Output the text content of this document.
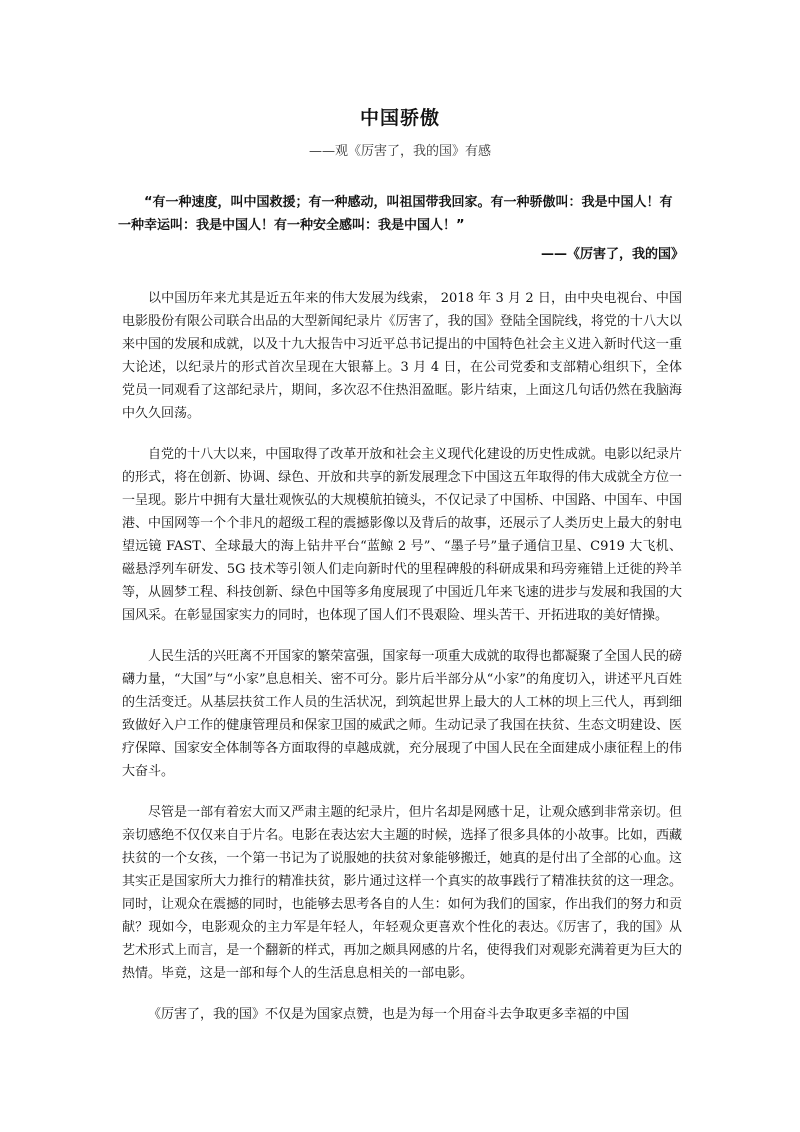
中国骄傲
——观《厉害了，我的国》有感

“有一种速度，叫中国救援；有一种感动，叫祖国带我回家。有一种骄傲叫：我是中国人！有一种幸运叫：我是中国人！有一种安全感叫：我是中国人！”

——《厉害了，我的国》

以中国历年来尤其是近五年来的伟大发展为线索， 2018 年 3 月 2 日，由中央电视台、中国电影股份有限公司联合出品的大型新闻纪录片《厉害了，我的国》登陆全国院线，将党的十八大以来中国的发展和成就，以及十九大报告中习近平总书记提出的中国特色社会主义进入新时代这一重大论述，以纪录片的形式首次呈现在大银幕上。3 月 4 日，在公司党委和支部精心组织下，全体党员一同观看了这部纪录片，期间，多次忍不住热泪盈眶。影片结束，上面这几句话仍然在我脑海中久久回荡。

自党的十八大以来，中国取得了改革开放和社会主义现代化建设的历史性成就。电影以纪录片的形式，将在创新、协调、绿色、开放和共享的新发展理念下中国这五年取得的伟大成就全方位一一呈现。影片中拥有大量壮观恢弘的大规模航拍镜头，不仅记录了中国桥、中国路、中国车、中国港、中国网等一个个非凡的超级工程的震撼影像以及背后的故事，还展示了人类历史上最大的射电望远镜 FAST、全球最大的海上钻井平台“蓝鲸 2 号”、“墨子号”量子通信卫星、C919 大飞机、磁悬浮列车研发、5G 技术等引领人们走向新时代的里程碑般的科研成果和玛旁雍错上迁徙的羚羊等，从圆梦工程、科技创新、绿色中国等多角度展现了中国近几年来飞速的进步与发展和我国的大国风采。在彰显国家实力的同时，也体现了国人们不畏艰险、埋头苦干、开拓进取的美好情操。

人民生活的兴旺离不开国家的繁荣富强，国家每一项重大成就的取得也都凝聚了全国人民的磅礴力量，“大国”与“小家”息息相关、密不可分。影片后半部分从“小家”的角度切入，讲述平凡百姓的生活变迁。从基层扶贫工作人员的生活状况，到筑起世界上最大的人工林的坝上三代人，再到细致做好入户工作的健康管理员和保家卫国的威武之师。生动记录了我国在扶贫、生态文明建设、医疗保障、国家安全体制等各方面取得的卓越成就，充分展现了中国人民在全面建成小康征程上的伟大奋斗。

尽管是一部有着宏大而又严肃主题的纪录片，但片名却是网感十足，让观众感到非常亲切。但亲切感绝不仅仅来自于片名。电影在表达宏大主题的时候，选择了很多具体的小故事。比如，西藏扶贫的一个女孩，一个第一书记为了说服她的扶贫对象能够搬迁，她真的是付出了全部的心血。这其实正是国家所大力推行的精准扶贫，影片通过这样一个真实的故事践行了精准扶贫的这一理念。同时，让观众在震撼的同时，也能够去思考各自的人生：如何为我们的国家，作出我们的努力和贡献？现如今，电影观众的主力军是年轻人，年轻观众更喜欢个性化的表达。《厉害了，我的国》从艺术形式上而言，是一个翻新的样式，再加之颇具网感的片名，使得我们对观影充满着更为巨大的热情。毕竟，这是一部和每个人的生活息息相关的一部电影。

《厉害了，我的国》不仅是为国家点赞，也是为每一个用奋斗去争取更多幸福的中国
